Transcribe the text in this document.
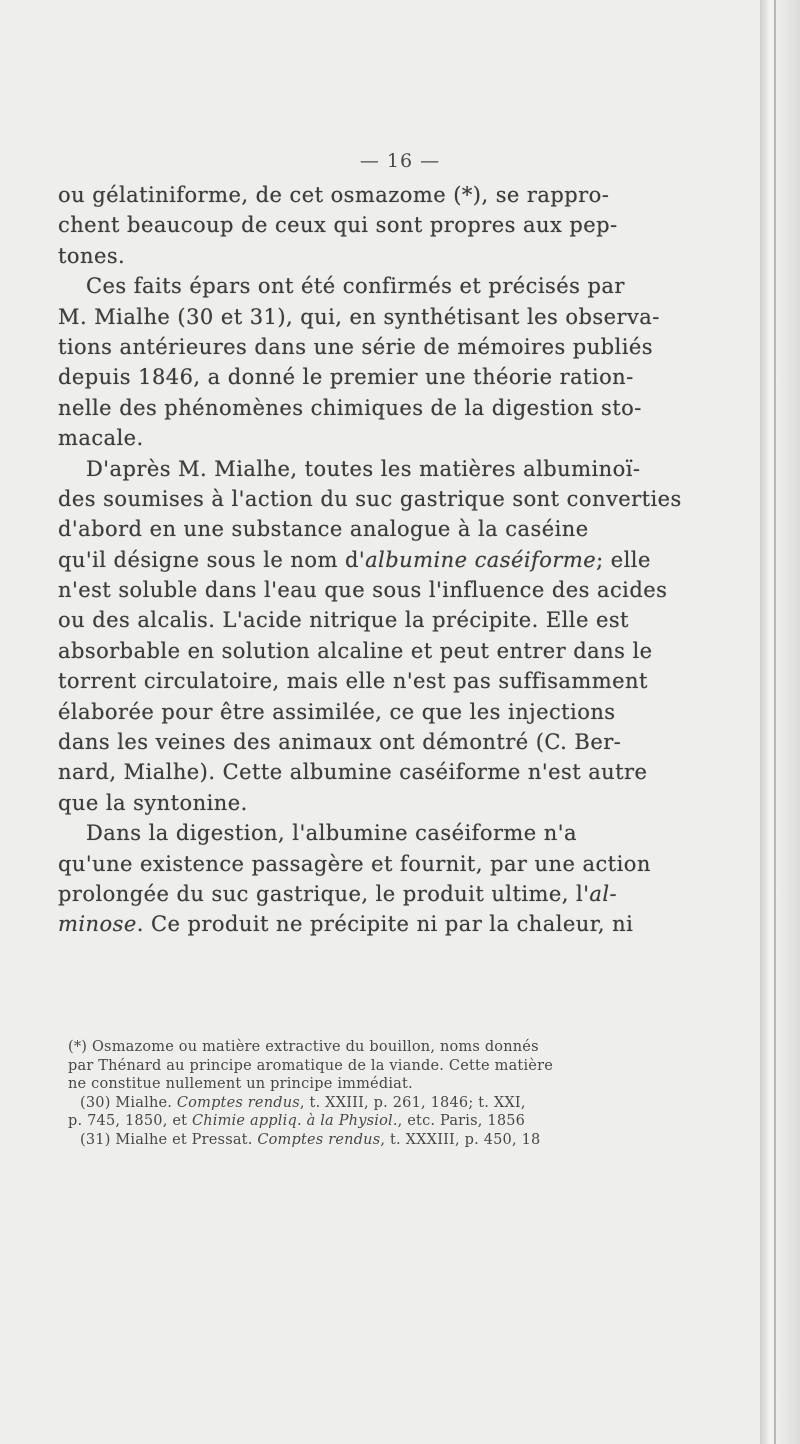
— 16 —
ou gélatiniforme, de cet osmazome (*), se rappro-
chent beaucoup de ceux qui sont propres aux pep-
tones.
Ces faits épars ont été confirmés et précisés par
M. Mialhe (30 et 31), qui, en synthétisant les observa-
tions antérieures dans une série de mémoires publiés
depuis 1846, a donné le premier une théorie ration-
nelle des phénomènes chimiques de la digestion sto-
macale.
D'après M. Mialhe, toutes les matières albuminoï-
des soumises à l'action du suc gastrique sont converties
d'abord en une substance analogue à la caséine
qu'il désigne sous le nom d'albumine caséiforme; elle
n'est soluble dans l'eau que sous l'influence des acides
ou des alcalis. L'acide nitrique la précipite. Elle est
absorbable en solution alcaline et peut entrer dans le
torrent circulatoire, mais elle n'est pas suffisamment
élaborée pour être assimilée, ce que les injections
dans les veines des animaux ont démontré (C. Ber-
nard, Mialhe). Cette albumine caséiforme n'est autre
que la syntonine.
Dans la digestion, l'albumine caséiforme n'a
qu'une existence passagère et fournit, par une action
prolongée du suc gastrique, le produit ultime, l'al-
minose. Ce produit ne précipite ni par la chaleur, ni
(*) Osmazome ou matière extractive du bouillon, noms donnés
par Thénard au principe aromatique de la viande. Cette matière
ne constitue nullement un principe immédiat.
(30) Mialhe. Comptes rendus, t. XXIII, p. 261, 1846; t. XXI,
p. 745, 1850, et Chimie appliq. à la Physiol., etc. Paris, 1856
(31) Mialhe et Pressat. Comptes rendus, t. XXXIII, p. 450, 18
